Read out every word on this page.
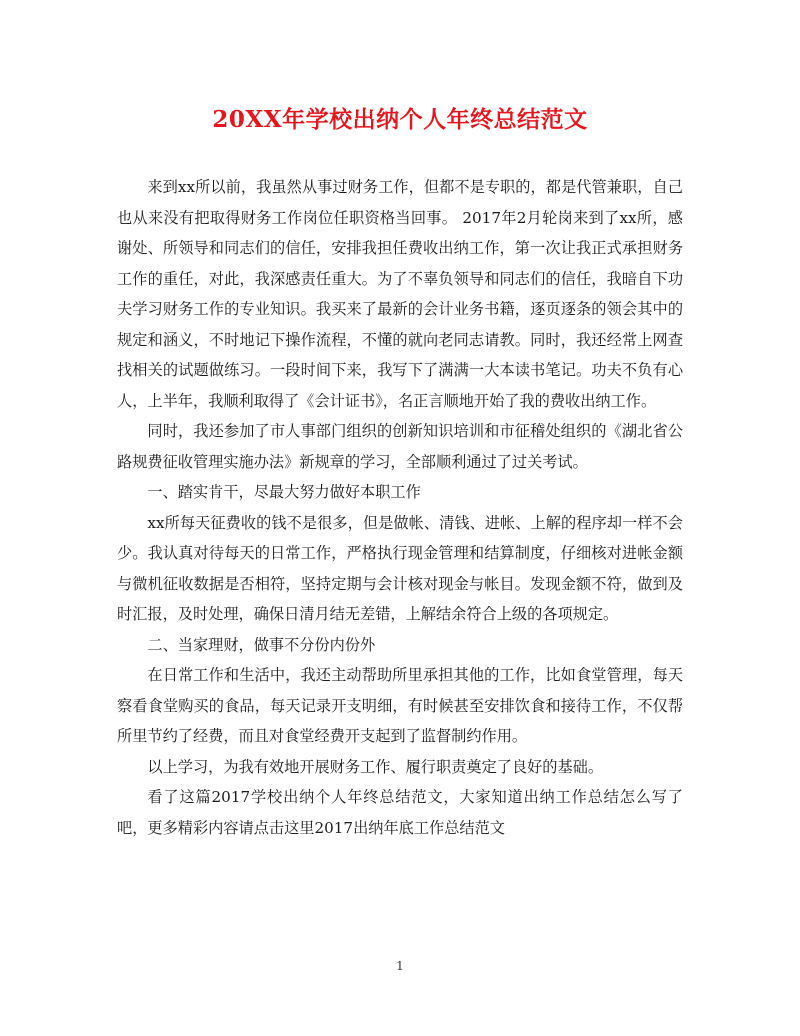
20XX年学校出纳个人年终总结范文

来到xx所以前，我虽然从事过财务工作，但都不是专职的，都是代管兼职，自己也从来没有把取得财务工作岗位任职资格当回事。 2017年2月轮岗来到了xx所，感谢处、所领导和同志们的信任，安排我担任费收出纳工作，第一次让我正式承担财务工作的重任，对此，我深感责任重大。为了不辜负领导和同志们的信任，我暗自下功夫学习财务工作的专业知识。我买来了最新的会计业务书籍，逐页逐条的领会其中的规定和涵义，不时地记下操作流程，不懂的就向老同志请教。同时，我还经常上网查找相关的试题做练习。一段时间下来，我写下了满满一大本读书笔记。功夫不负有心人，上半年，我顺利取得了《会计证书》，名正言顺地开始了我的费收出纳工作。

同时，我还参加了市人事部门组织的创新知识培训和市征稽处组织的《湖北省公路规费征收管理实施办法》新规章的学习，全部顺利通过了过关考试。

一、踏实肯干，尽最大努力做好本职工作

xx所每天征费收的钱不是很多，但是做帐、清钱、进帐、上解的程序却一样不会少。我认真对待每天的日常工作，严格执行现金管理和结算制度，仔细核对进帐金额与微机征收数据是否相符，坚持定期与会计核对现金与帐目。发现金额不符，做到及时汇报，及时处理，确保日清月结无差错，上解结余符合上级的各项规定。

二、当家理财，做事不分份内份外

在日常工作和生活中，我还主动帮助所里承担其他的工作，比如食堂管理，每天察看食堂购买的食品，每天记录开支明细，有时候甚至安排饮食和接待工作，不仅帮所里节约了经费，而且对食堂经费开支起到了监督制约作用。

以上学习，为我有效地开展财务工作、履行职责奠定了良好的基础。

看了这篇2017学校出纳个人年终总结范文，大家知道出纳工作总结怎么写了吧，更多精彩内容请点击这里2017出纳年底工作总结范文

1
